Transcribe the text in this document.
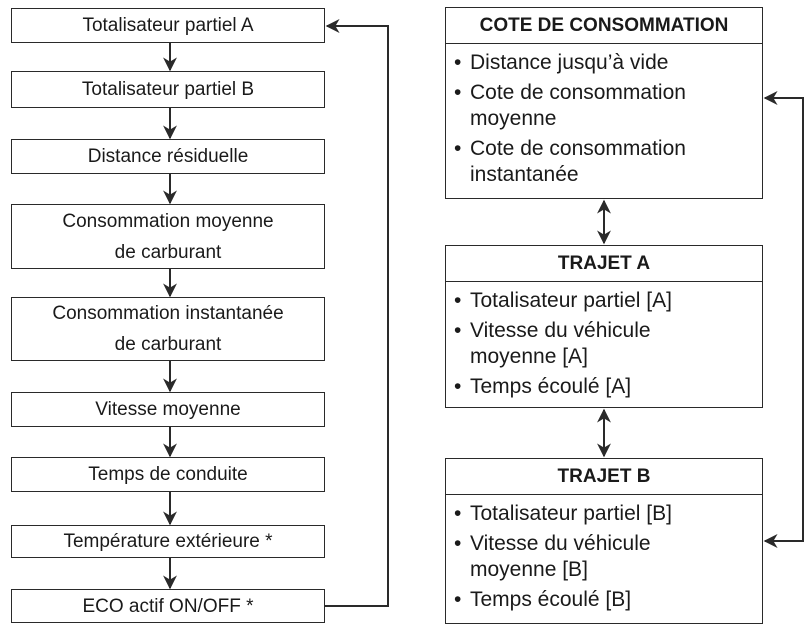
Totalisateur partiel A
Totalisateur partiel B
Distance résiduelle
Consommation moyenne
de carburant
Consommation instantanée
de carburant
Vitesse moyenne
Temps de conduite
Température extérieure *
ECO actif ON/OFF *
COTE DE CONSOMMATION
• Distance jusqu’à vide
• Cote de consommation
moyenne
• Cote de consommation
instantanée
TRAJET A
• Totalisateur partiel [A]
• Vitesse du véhicule
moyenne [A]
• Temps écoulé [A]
TRAJET B
• Totalisateur partiel [B]
• Vitesse du véhicule
moyenne [B]
• Temps écoulé [B]
